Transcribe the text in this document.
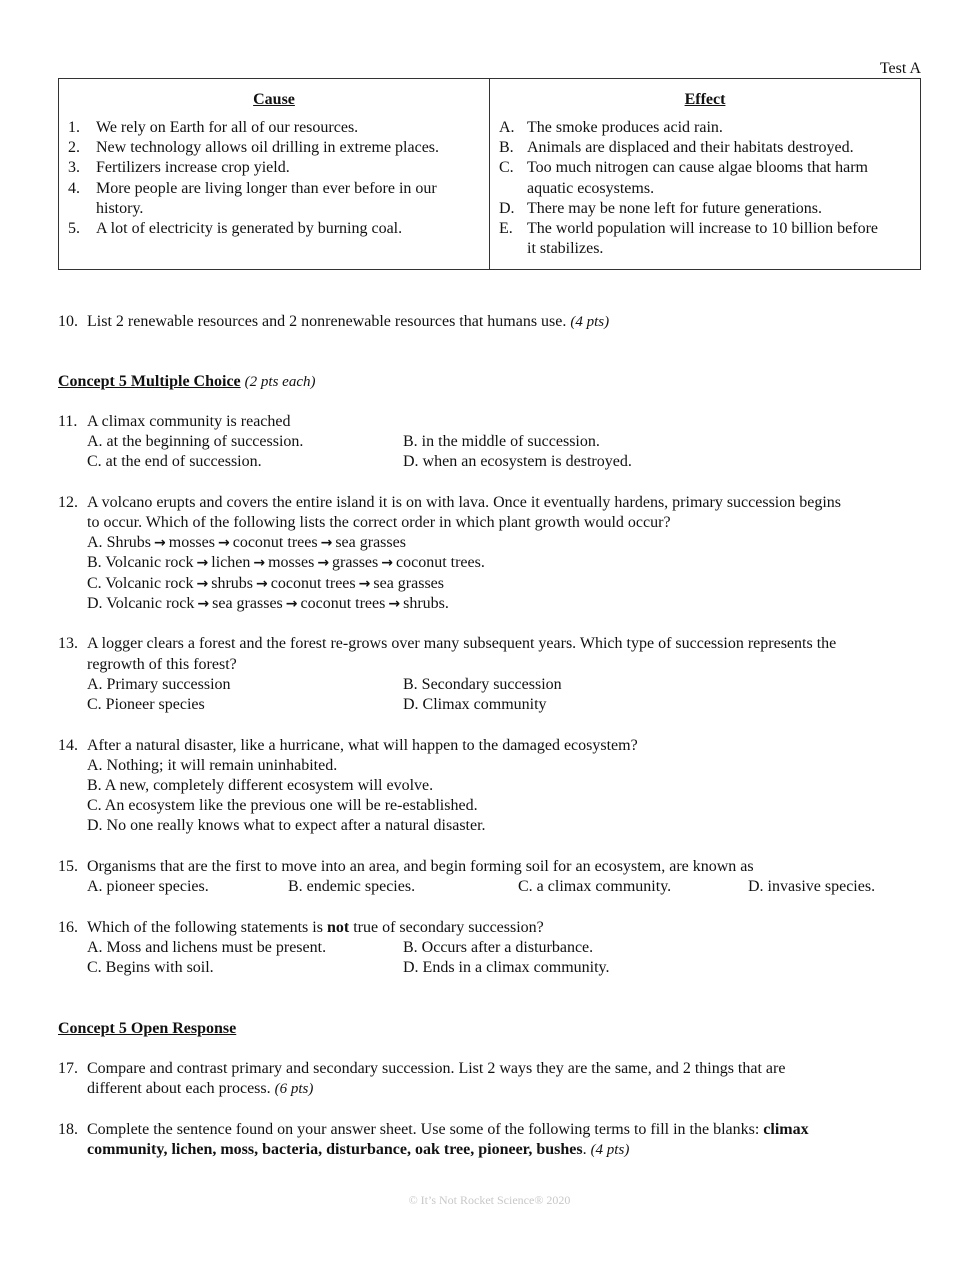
Test A
Cause
1. We rely on Earth for all of our resources.
2. New technology allows oil drilling in extreme places.
3. Fertilizers increase crop yield.
4. More people are living longer than ever before in our
history.
5. A lot of electricity is generated by burning coal.

Effect
A. The smoke produces acid rain.
B. Animals are displaced and their habitats destroyed.
C. Too much nitrogen can cause algae blooms that harm
aquatic ecosystems.
D. There may be none left for future generations.
E. The world population will increase to 10 billion before
it stabilizes.
10. List 2 renewable resources and 2 nonrenewable resources that humans use. (4 pts)
Concept 5 Multiple Choice (2 pts each)
11. A climax community is reached
A. at the beginning of succession.	B. in the middle of succession.
C. at the end of succession.	D. when an ecosystem is destroyed.
12. A volcano erupts and covers the entire island it is on with lava. Once it eventually hardens, primary succession begins
to occur. Which of the following lists the correct order in which plant growth would occur?
A. Shrubs → mosses → coconut trees → sea grasses
B. Volcanic rock → lichen → mosses → grasses → coconut trees.
C. Volcanic rock → shrubs → coconut trees → sea grasses
D. Volcanic rock → sea grasses → coconut trees → shrubs.
13. A logger clears a forest and the forest re-grows over many subsequent years. Which type of succession represents the
regrowth of this forest?
A. Primary succession	B. Secondary succession
C. Pioneer species	D. Climax community
14. After a natural disaster, like a hurricane, what will happen to the damaged ecosystem?
A. Nothing; it will remain uninhabited.
B. A new, completely different ecosystem will evolve.
C. An ecosystem like the previous one will be re-established.
D. No one really knows what to expect after a natural disaster.
15. Organisms that are the first to move into an area, and begin forming soil for an ecosystem, are known as
A. pioneer species.	B. endemic species.	C. a climax community.	D. invasive species.
16. Which of the following statements is not true of secondary succession?
A. Moss and lichens must be present.	B. Occurs after a disturbance.
C. Begins with soil.	D. Ends in a climax community.
Concept 5 Open Response
17. Compare and contrast primary and secondary succession. List 2 ways they are the same, and 2 things that are
different about each process. (6 pts)
18. Complete the sentence found on your answer sheet. Use some of the following terms to fill in the blanks: climax
community, lichen, moss, bacteria, disturbance, oak tree, pioneer, bushes. (4 pts)
© It’s Not Rocket Science® 2020
